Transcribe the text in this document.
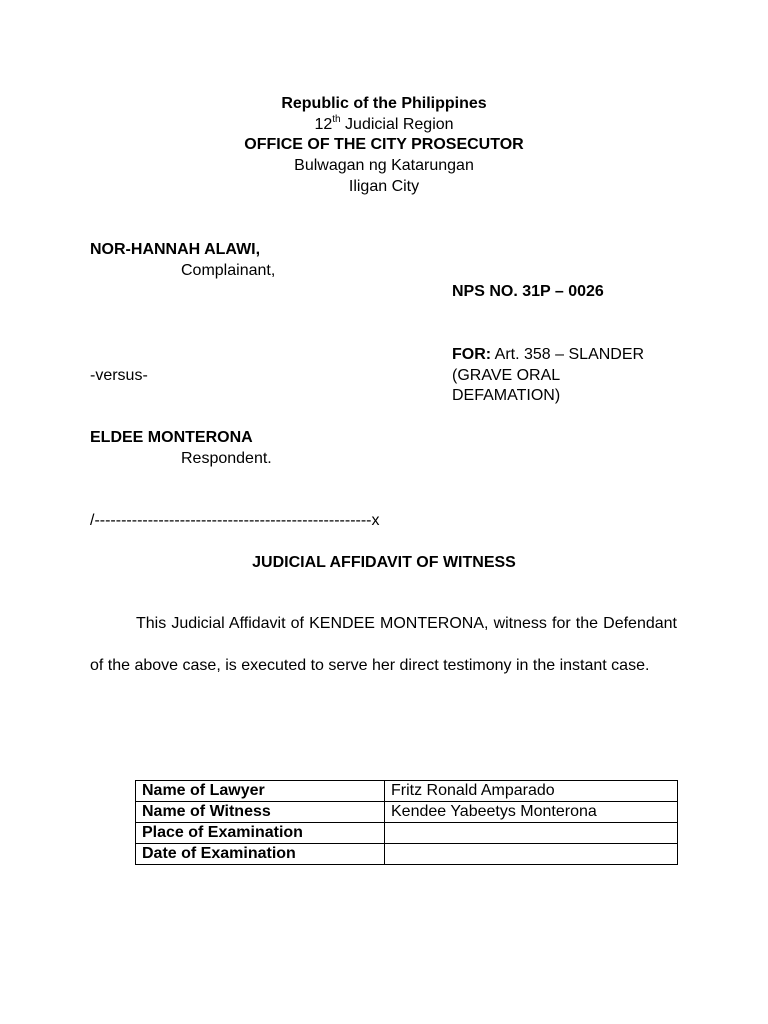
Republic of the Philippines
12th Judicial Region
OFFICE OF THE CITY PROSECUTOR
Bulwagan ng Katarungan
Iligan City
NOR-HANNAH ALAWI,
Complainant,
NPS NO. 31P – 0026
FOR: Art. 358 – SLANDER
(GRAVE ORAL
DEFAMATION)
-versus-
ELDEE MONTERONA
Respondent.
/----------------------------------------------------x
JUDICIAL AFFIDAVIT OF WITNESS
This Judicial Affidavit of KENDEE MONTERONA, witness for the Defendant of the above case, is executed to serve her direct testimony in the instant case.
Name of Lawyer	Fritz Ronald Amparado
Name of Witness	Kendee Yabeetys Monterona
Place of Examination	
Date of Examination	
